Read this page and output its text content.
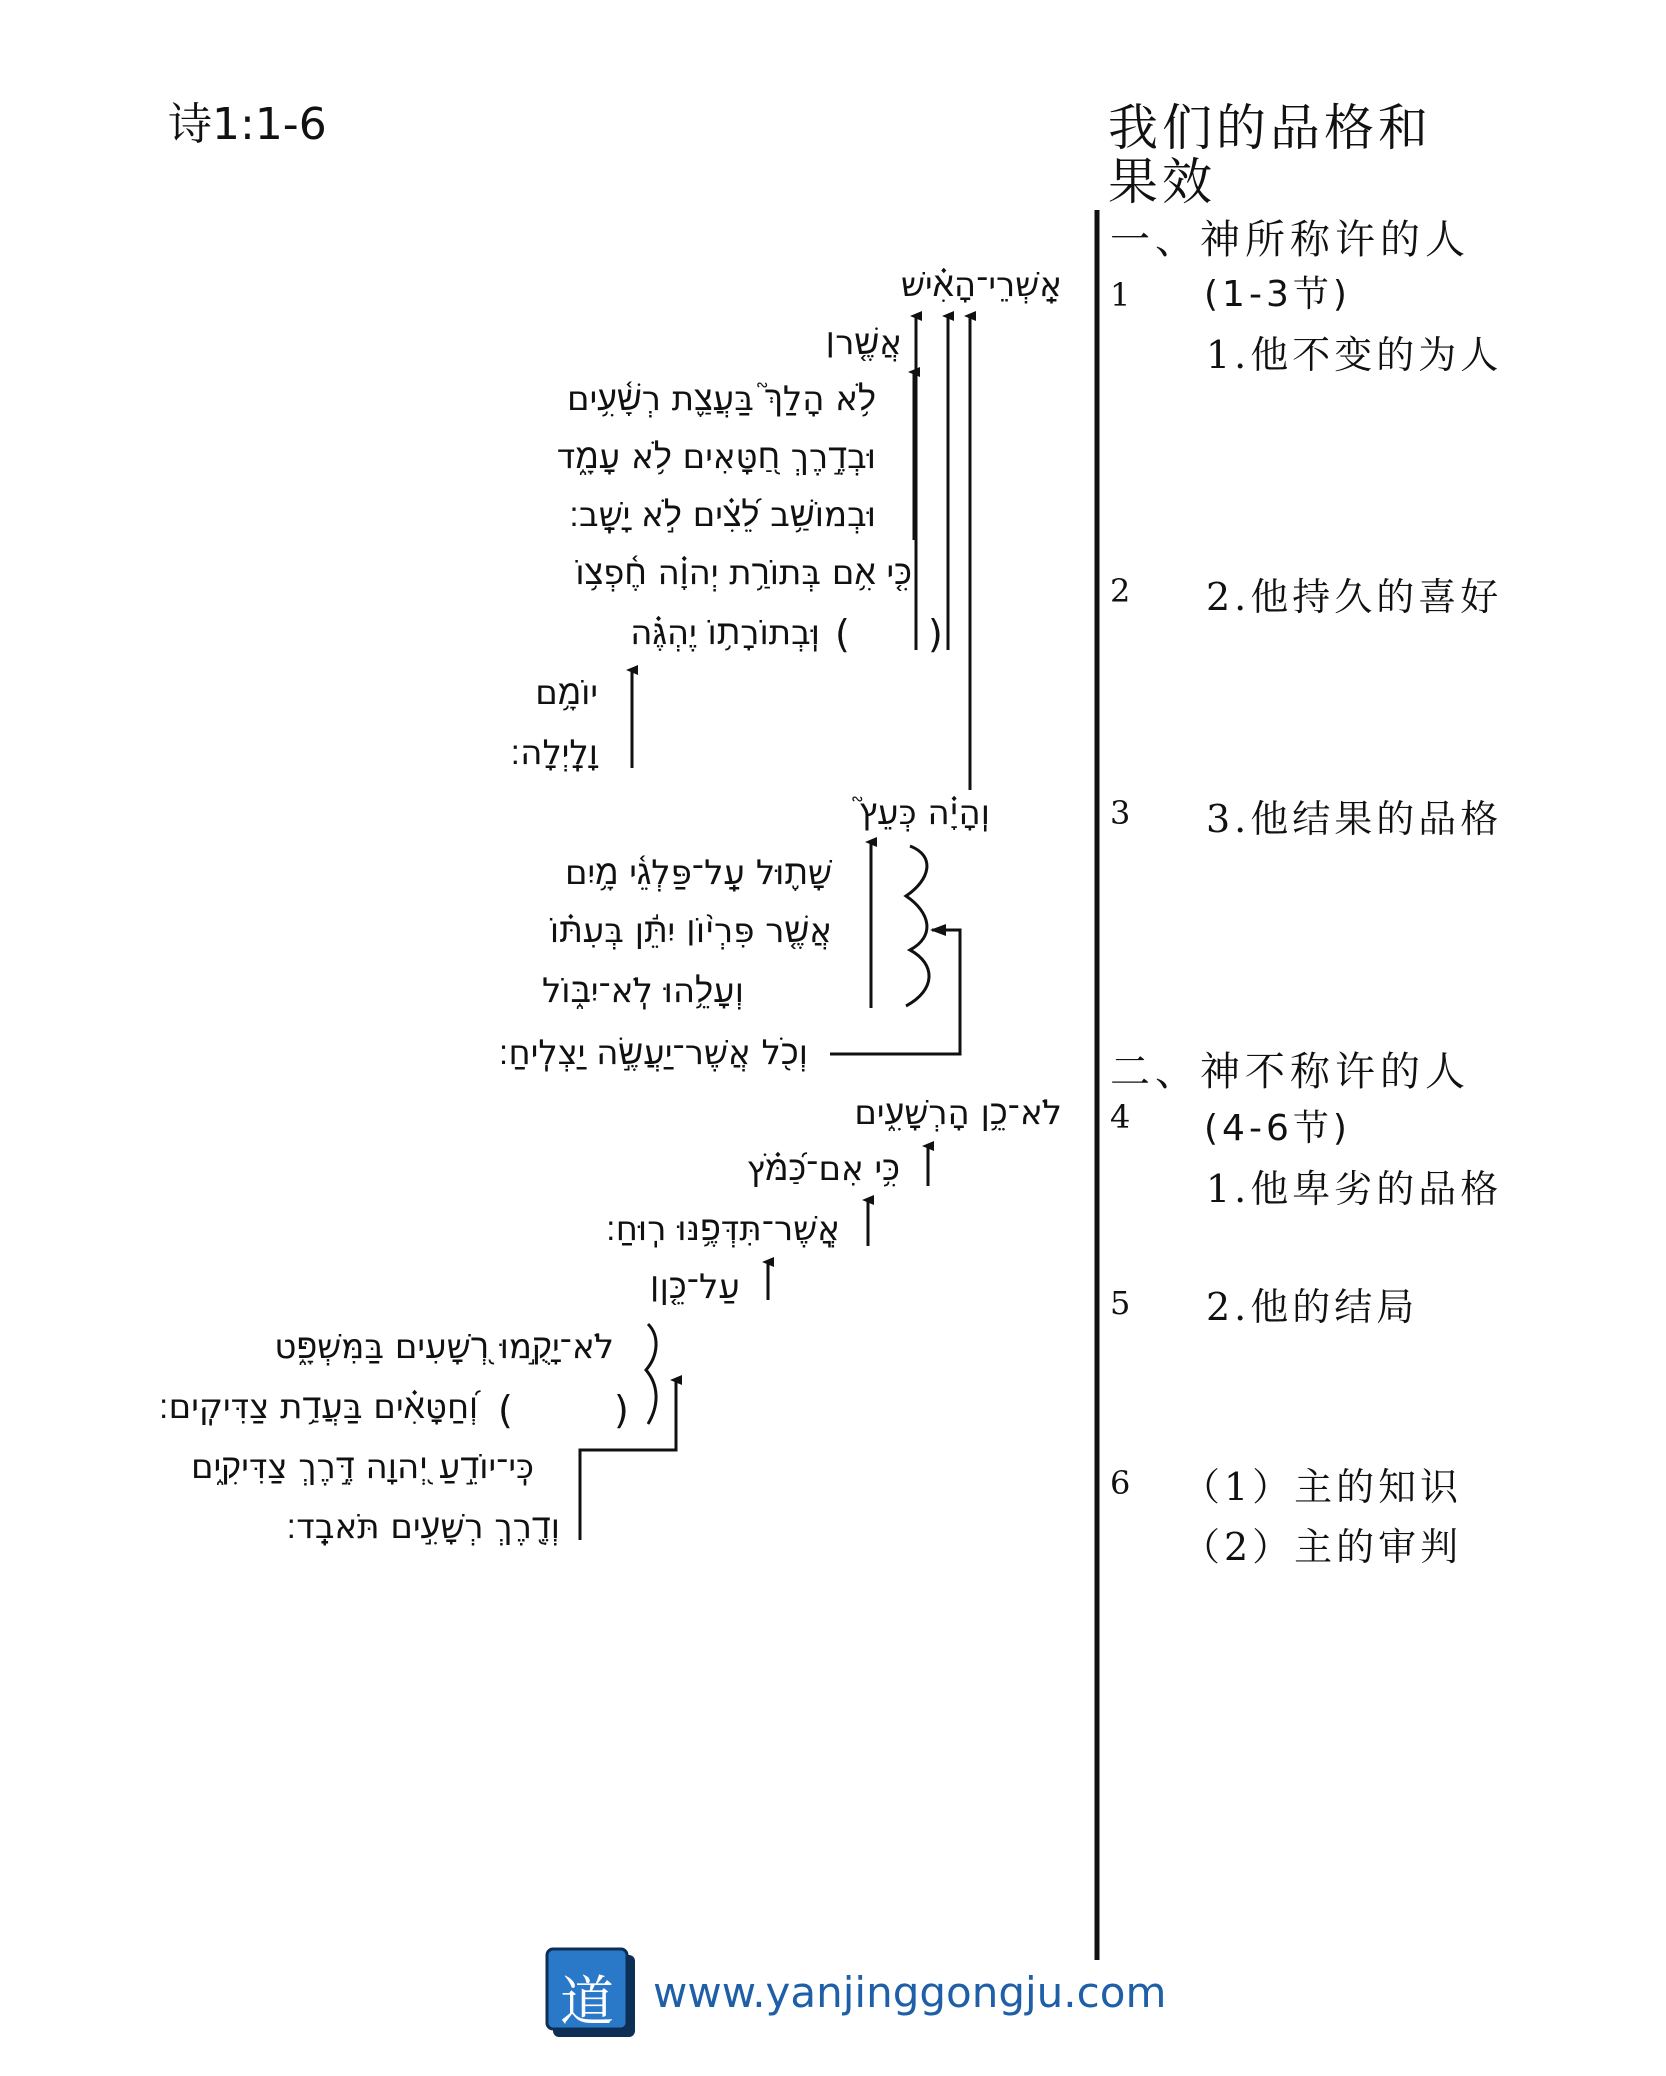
诗1:1-6	我们的品格和
果效
אַֽשְׁרֵי־הָאִ֗ישׁ
אֲשֶׁ֤ר׀
לֹ֥א הָלַךְ֮ בַּעֲצַ֪ת רְשָׁ֫עִ֥ים
וּבְדֶ֣רֶךְ חַ֭טָּאִים לֹ֥א עָמָ֑ד
וּבְמוֹשַׁ֥ב לֵ֝צִ֗ים לֹ֣א יָשָֽׁב׃
כִּ֤י אִ֥ם בְּתוֹרַ֥ת יְהוָ֗ה חֶ֫פְצ֥וֹ
וּֽבְתוֹרָת֥וֹ יֶהְגֶּ֗ה
יוֹמָ֥ם
וָלָֽיְלָה׃
וְֽהָיָ֗ה כְּעֵץ֮
שָׁת֪וּל עַֽל־פַּלְגֵ֫י מָ֥יִם
אֲשֶׁ֤ר פִּרְי֨וֹ׀ יִתֵּ֬ן בְּעִתּ֗וֹ
וְעָלֵ֥הוּ לֹֽא־יִבּ֑וֹל
וְכֹ֖ל אֲשֶׁר־יַעֲשֶׂ֣ה יַצְלִֽיחַ׃
לֹא־כֵ֥ן הָרְשָׁעִ֑ים
כִּ֥י אִם־כַּ֝מֹּ֗ץ
אֲֽשֶׁר־תִּדְּפֶ֥נּוּ רֽוּחַ׃
עַל־כֵּ֤ן׀
לֹא־יָקֻ֣מוּ רְ֭שָׁעִים בַּמִּשְׁפָּ֑ט
וְ֝חַטָּאִ֗ים בַּעֲדַ֥ת צַדִּיקִֽים׃
כִּֽי־יוֹדֵ֣עַ יְ֭הוָה דֶּ֣רֶךְ צַדִּיקִ֑ים
וְדֶ֖רֶךְ רְשָׁעִ֣ים תֹּאבֵֽד׃
( )
(	)
1
2
3
4
5
6
一、神所称许的人
(1-3节)
1.他不变的为人
2.他持久的喜好
3.他结果的品格
二、神不称许的人
(4-6节)
1.他卑劣的品格
2.他的结局
（1）主的知识
（2）主的审判
道 www.yanjinggongju.com
